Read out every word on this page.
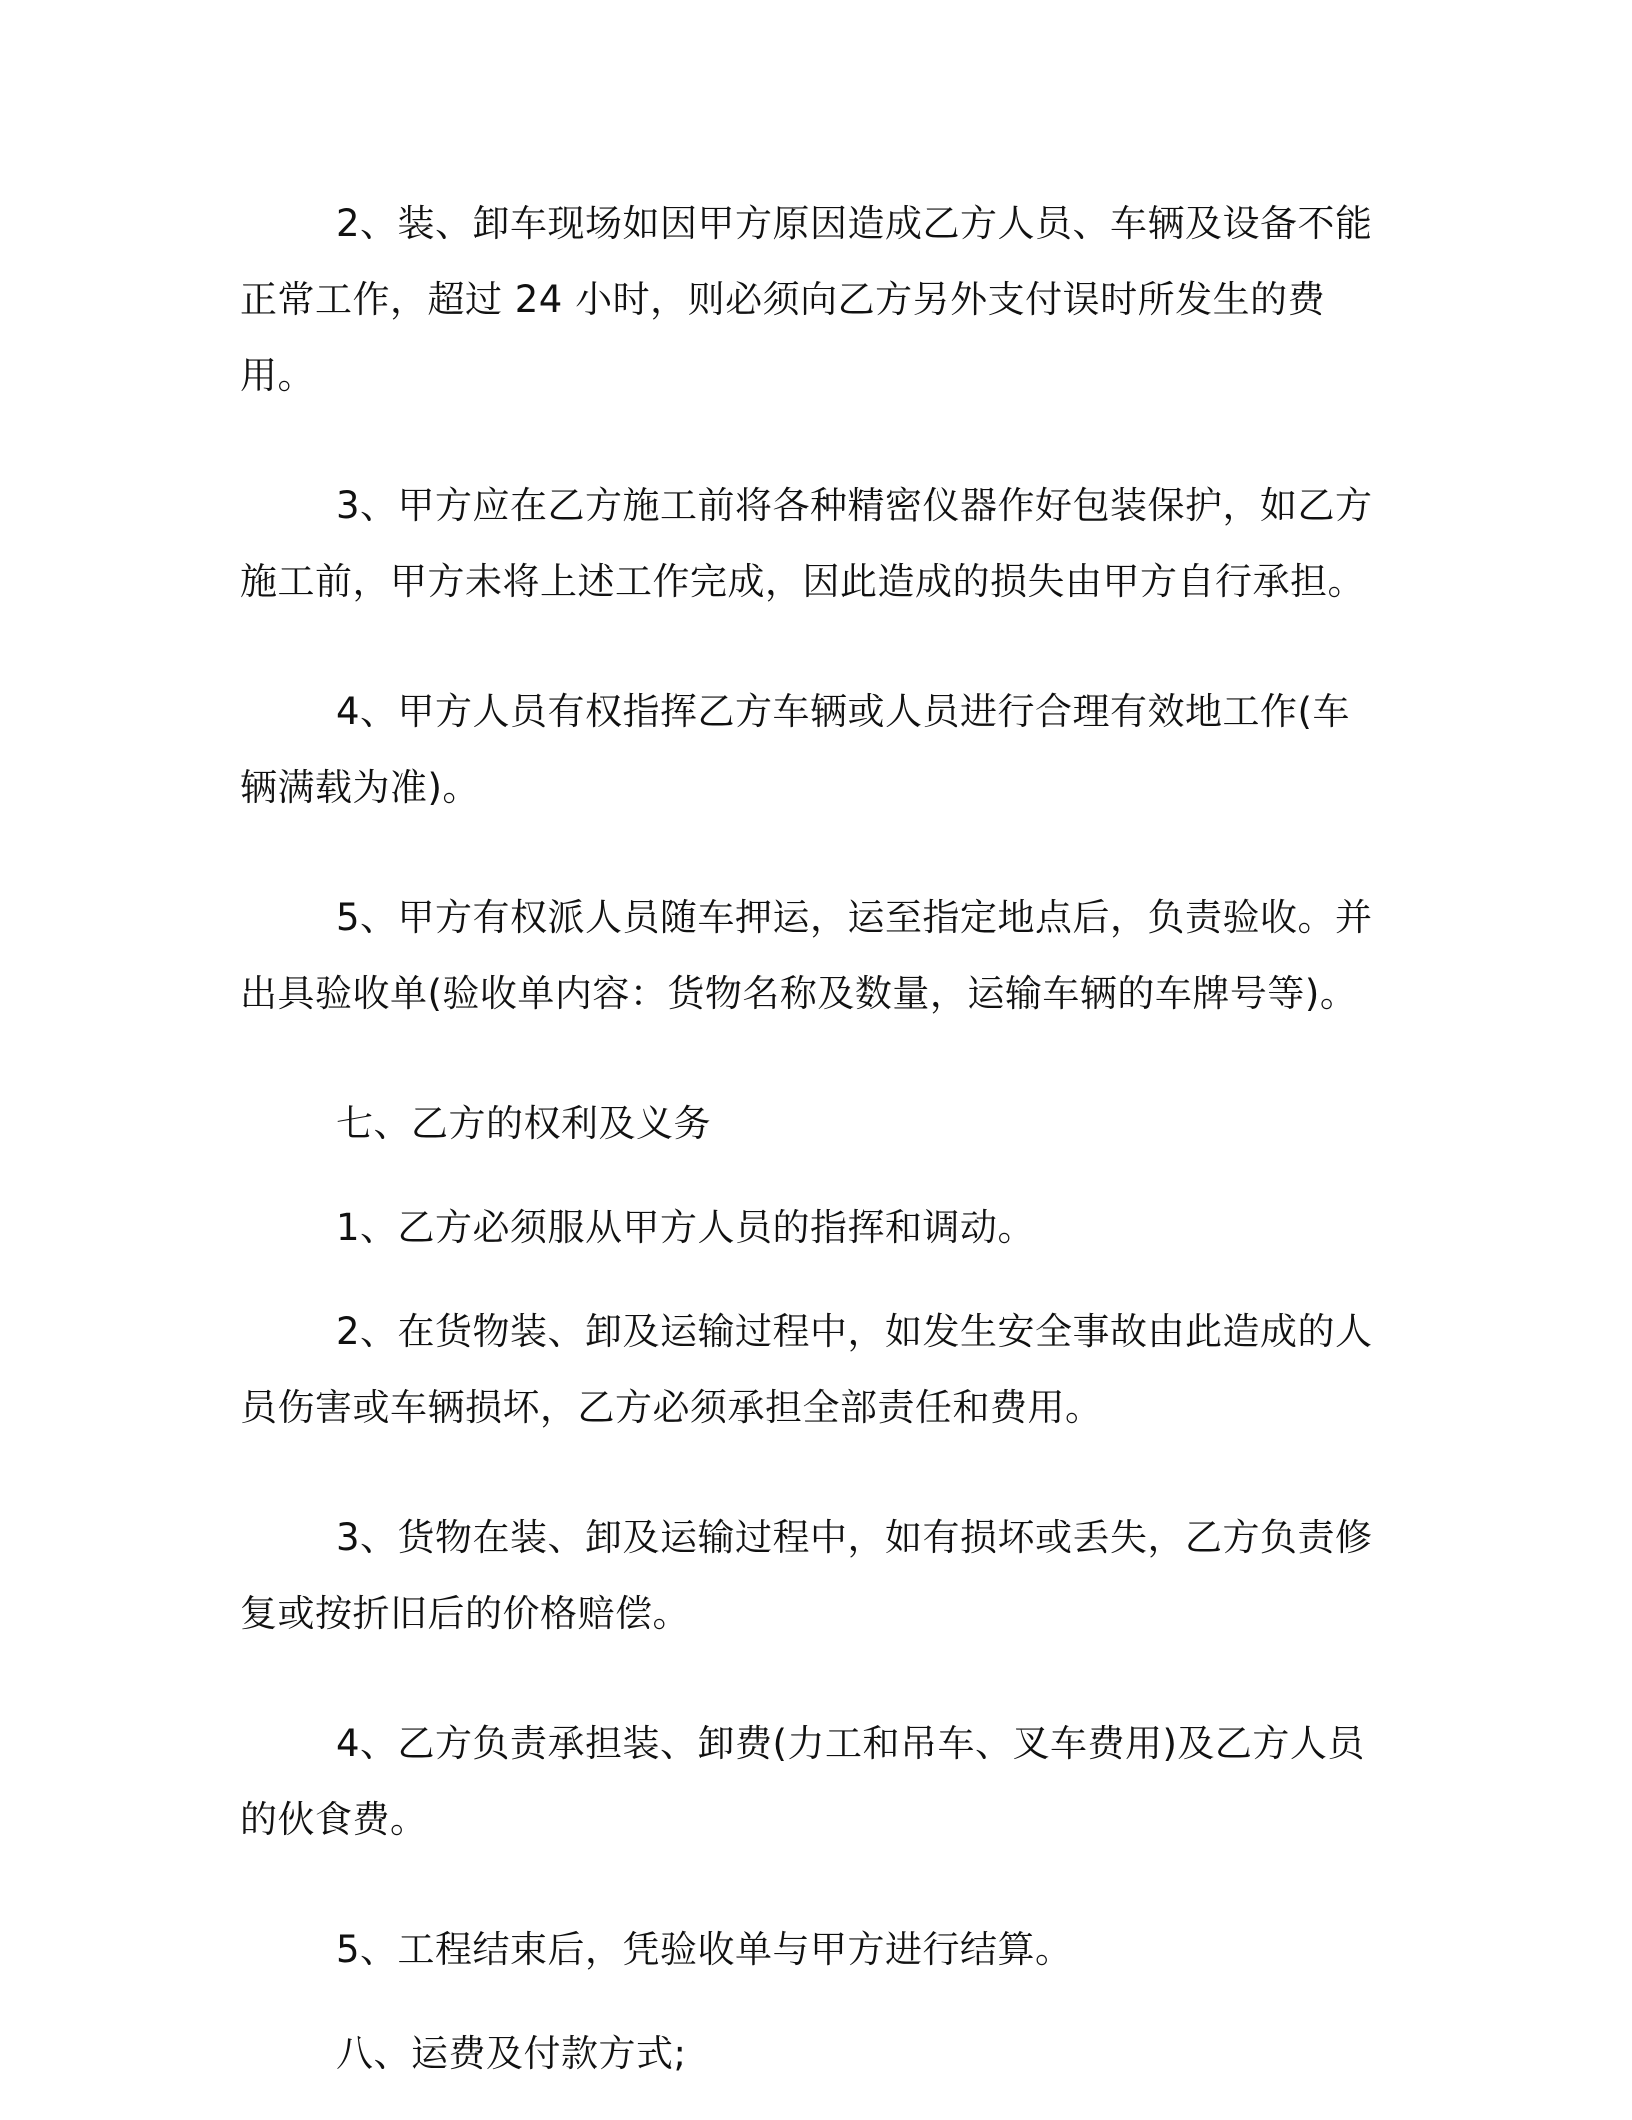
2、装、卸车现场如因甲方原因造成乙方人员、车辆及设备不能正常工作，超过 24 小时，则必须向乙方另外支付误时所发生的费用。

3、甲方应在乙方施工前将各种精密仪器作好包装保护，如乙方施工前，甲方未将上述工作完成，因此造成的损失由甲方自行承担。

4、甲方人员有权指挥乙方车辆或人员进行合理有效地工作(车辆满载为准)。

5、甲方有权派人员随车押运，运至指定地点后，负责验收。并出具验收单(验收单内容：货物名称及数量，运输车辆的车牌号等)。

七、乙方的权利及义务

1、乙方必须服从甲方人员的指挥和调动。

2、在货物装、卸及运输过程中，如发生安全事故由此造成的人员伤害或车辆损坏，乙方必须承担全部责任和费用。

3、货物在装、卸及运输过程中，如有损坏或丢失，乙方负责修复或按折旧后的价格赔偿。

4、乙方负责承担装、卸费(力工和吊车、叉车费用)及乙方人员的伙食费。

5、工程结束后，凭验收单与甲方进行结算。

八、运费及付款方式;
